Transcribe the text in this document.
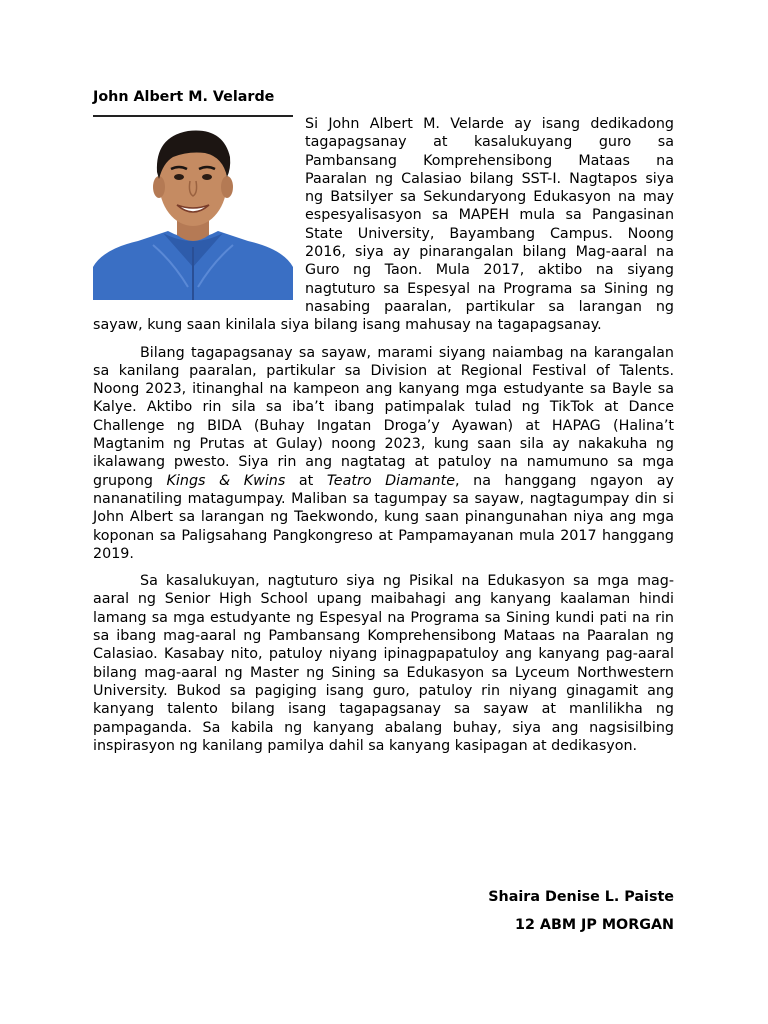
John Albert M. Velarde

Si John Albert M. Velarde ay isang dedikadong tagapagsanay at kasalukuyang guro sa Pambansang Komprehensibong Mataas na Paaralan ng Calasiao bilang SST-I. Nagtapos siya ng Batsilyer sa Sekundaryong Edukasyon na may espesyalisasyon sa MAPEH mula sa Pangasinan State University, Bayambang Campus. Noong 2016, siya ay pinarangalan bilang Mag-aaral na Guro ng Taon. Mula 2017, aktibo na siyang nagtuturo sa Espesyal na Programa sa Sining ng nasabing paaralan, partikular sa larangan ng sayaw, kung saan kinilala siya bilang isang mahusay na tagapagsanay.

Bilang tagapagsanay sa sayaw, marami siyang naiambag na karangalan sa kanilang paaralan, partikular sa Division at Regional Festival of Talents. Noong 2023, itinanghal na kampeon ang kanyang mga estudyante sa Bayle sa Kalye. Aktibo rin sila sa iba’t ibang patimpalak tulad ng TikTok at Dance Challenge ng BIDA (Buhay Ingatan Droga’y Ayawan) at HAPAG (Halina’t Magtanim ng Prutas at Gulay) noong 2023, kung saan sila ay nakakuha ng ikalawang pwesto. Siya rin ang nagtatag at patuloy na namumuno sa mga grupong Kings & Kwins at Teatro Diamante, na hanggang ngayon ay nananatiling matagumpay. Maliban sa tagumpay sa sayaw, nagtagumpay din si John Albert sa larangan ng Taekwondo, kung saan pinangunahan niya ang mga koponan sa Paligsahang Pangkongreso at Pampamayanan mula 2017 hanggang 2019.

Sa kasalukuyan, nagtuturo siya ng Pisikal na Edukasyon sa mga mag-aaral ng Senior High School upang maibahagi ang kanyang kaalaman hindi lamang sa mga estudyante ng Espesyal na Programa sa Sining kundi pati na rin sa ibang mag-aaral ng Pambansang Komprehensibong Mataas na Paaralan ng Calasiao. Kasabay nito, patuloy niyang ipinagpapatuloy ang kanyang pag-aaral bilang mag-aaral ng Master ng Sining sa Edukasyon sa Lyceum Northwestern University. Bukod sa pagiging isang guro, patuloy rin niyang ginagamit ang kanyang talento bilang isang tagapagsanay sa sayaw at manlilikha ng pampaganda. Sa kabila ng kanyang abalang buhay, siya ang nagsisilbing inspirasyon ng kanilang pamilya dahil sa kanyang kasipagan at dedikasyon.

Shaira Denise L. Paiste
12 ABM JP MORGAN
